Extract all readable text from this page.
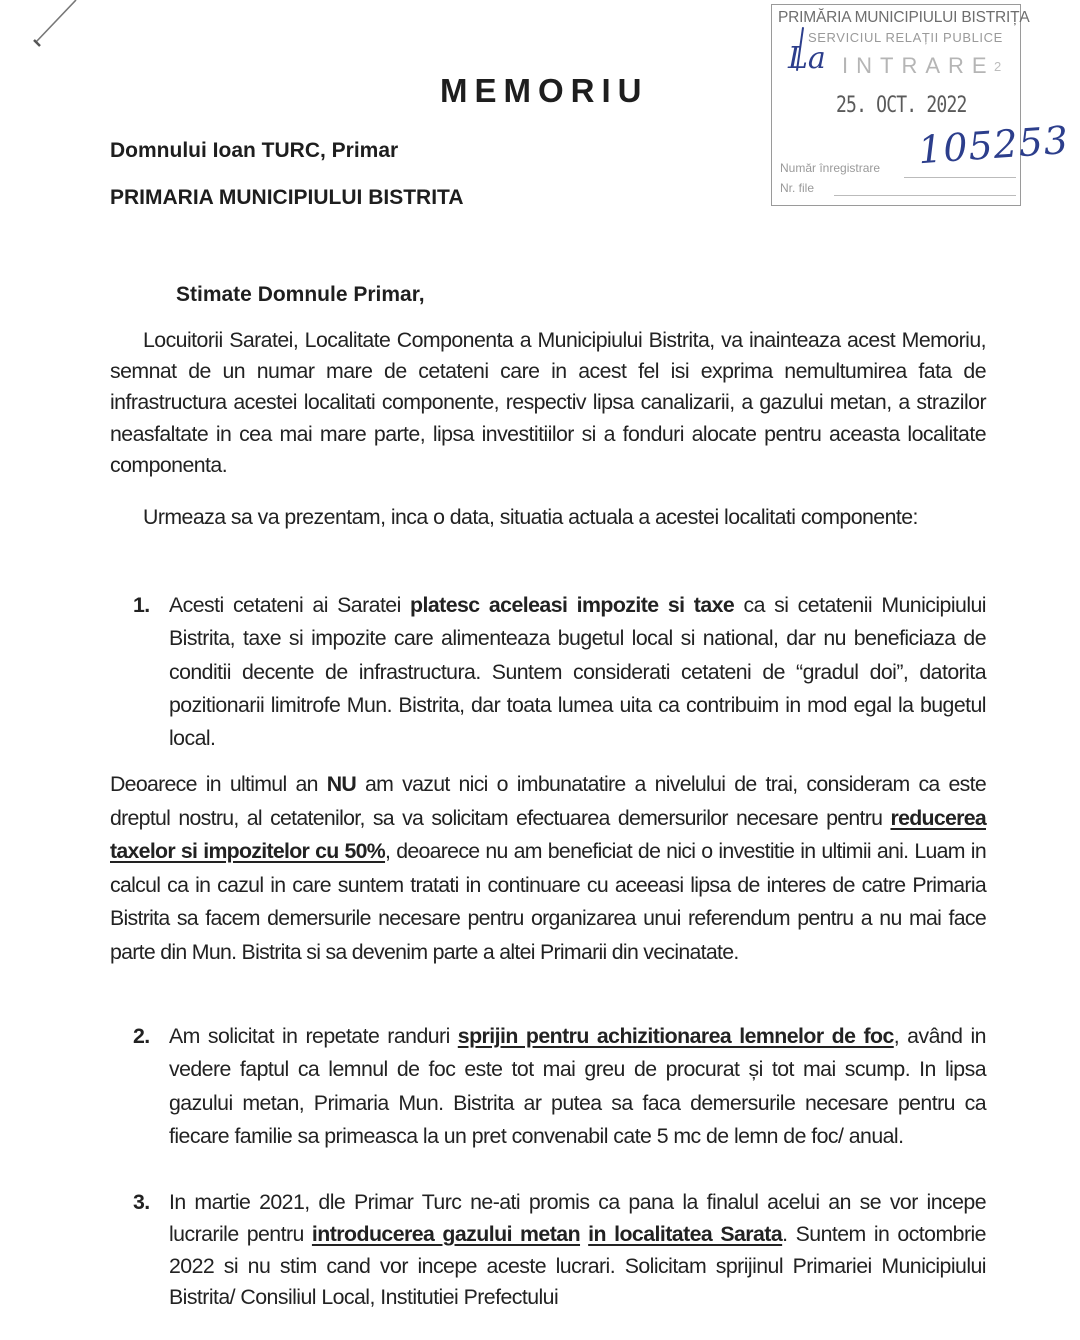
PRIMĂRIA MUNICIPIULUI BISTRIȚA
SERVICIUL RELAȚII PUBLICE
INTRARE 2
25. OCT. 2022
Număr înregistrare
Nr. file
La
105253
MEMORIU
Domnului Ioan TURC, Primar
PRIMARIA MUNICIPIULUI BISTRITA
Stimate Domnule Primar,
Locuitorii Saratei, Localitate Componenta a Municipiului Bistrita, va inainteaza acest Memoriu, semnat de un numar mare de cetateni care in acest fel isi exprima nemultumirea fata de infrastructura acestei localitati componente, respectiv lipsa canalizarii, a gazului metan, a strazilor neasfaltate in cea mai mare parte, lipsa investitiilor si a fonduri alocate pentru aceasta localitate componenta.
Urmeaza sa va prezentam, inca o data, situatia actuala a acestei localitati componente:
1. Acesti cetateni ai Saratei platesc aceleasi impozite si taxe ca si cetatenii Municipiului Bistrita, taxe si impozite care alimenteaza bugetul local si national, dar nu beneficiaza de conditii decente de infrastructura. Suntem considerati cetateni de “gradul doi”, datorita pozitionarii limitrofe Mun. Bistrita, dar toata lumea uita ca contribuim in mod egal la bugetul local.
Deoarece in ultimul an NU am vazut nici o imbunatatire a nivelului de trai, consideram ca este dreptul nostru, al cetatenilor, sa va solicitam efectuarea demersurilor necesare pentru reducerea taxelor si impozitelor cu 50%, deoarece nu am beneficiat de nici o investitie in ultimii ani. Luam in calcul ca in cazul in care suntem tratati in continuare cu aceeasi lipsa de interes de catre Primaria Bistrita sa facem demersurile necesare pentru organizarea unui referendum pentru a nu mai face parte din Mun. Bistrita si sa devenim parte a altei Primarii din vecinatate.
2. Am solicitat in repetate randuri sprijin pentru achizitionarea lemnelor de foc, având in vedere faptul ca lemnul de foc este tot mai greu de procurat și tot mai scump. In lipsa gazului metan, Primaria Mun. Bistrita ar putea sa faca demersurile necesare pentru ca fiecare familie sa primeasca la un pret convenabil cate 5 mc de lemn de foc/ anual.
3. In martie 2021, dle Primar Turc ne-ati promis ca pana la finalul acelui an se vor incepe lucrarile pentru introducerea gazului metan in localitatea Sarata. Suntem in octombrie 2022 si nu stim cand vor incepe aceste lucrari. Solicitam sprijinul Primariei Municipiului Bistrita/ Consiliul Local, Institutiei Prefectului
